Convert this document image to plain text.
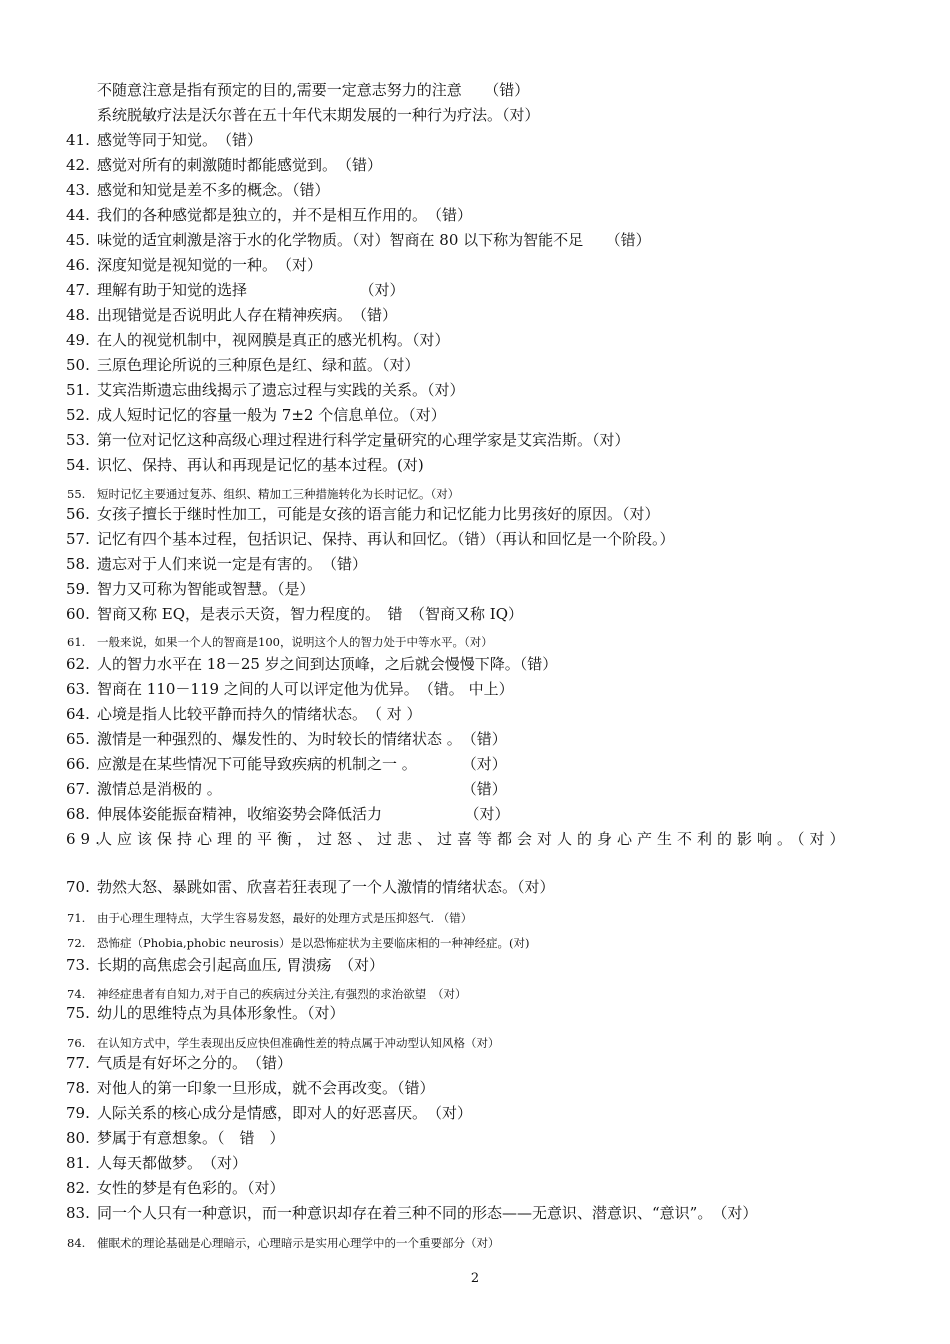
不随意注意是指有预定的目的,需要一定意志努力的注意　　（错）
系统脱敏疗法是沃尔普在五十年代末期发展的一种行为疗法。（对）
41. 感觉等同于知觉。　（错）
42. 感觉对所有的刺激随时都能感觉到。　（错）
43. 感觉和知觉是差不多的概念。（错）
44. 我们的各种感觉都是独立的，并不是相互作用的。　（错）
45. 味觉的适宜刺激是溶于水的化学物质。（对）智商在 80 以下称为智能不足　　（错）
46. 深度知觉是视知觉的一种。　（对）
47. 理解有助于知觉的选择　　　　　　　　（对）
48. 出现错觉是否说明此人存在精神疾病。　（错）
49. 在人的视觉机制中，视网膜是真正的感光机构。（对）
50. 三原色理论所说的三种原色是红、绿和蓝。（对）
51. 艾宾浩斯遗忘曲线揭示了遗忘过程与实践的关系。（对）
52. 成人短时记忆的容量一般为 7±2 个信息单位。（对）
53. 第一位对记忆这种高级心理过程进行科学定量研究的心理学家是艾宾浩斯。（对）
54. 识忆、保持、再认和再现是记忆的基本过程。(对)
55.	短时记忆主要通过复苏、组织、精加工三种措施转化为长时记忆。（对）
56. 女孩子擅长于继时性加工，可能是女孩的语言能力和记忆能力比男孩好的原因。（对）
57. 记忆有四个基本过程，包括识记、保持、再认和回忆。（错）（再认和回忆是一个阶段。）
58. 遗忘对于人们来说一定是有害的。　（错）
59. 智力又可称为智能或智慧。（是）
60. 智商又称 EQ，是表示天资，智力程度的。　错　（智商又称 IQ）
61.	一般来说，如果一个人的智商是100，说明这个人的智力处于中等水平。（对）
62. 人的智力水平在 18－25 岁之间到达顶峰，之后就会慢慢下降。（错）
63. 智商在 110－119 之间的人可以评定他为优异。　（错。 中上）
64. 心境是指人比较平静而持久的情绪状态。　（ 对 ）
65. 激情是一种强烈的、爆发性的、为时较长的情绪状态 。　（错）
66. 应激是在某些情况下可能导致疾病的机制之一 。　　　　（对）
67. 激情总是消极的 。　　　　　　　　　　　　　　　　　（错）
68. 伸展体姿能振奋精神，收缩姿势会降低活力　　　　　　（对）
69.
人应该保持心理的平衡，过怒、过悲、过喜等都会对人的身心产生不利的影响。（对）
70. 勃然大怒、暴跳如雷、欣喜若狂表现了一个人激情的情绪状态。（对）
71.	由于心理生理特点，大学生容易发怒，最好的处理方式是压抑怒气. （错）
72.	恐怖症（Phobia,phobic neurosis）是以恐怖症状为主要临床相的一种神经症。(对)
73. 长期的高焦虑会引起高血压, 胃溃疡　（对）
74.	神经症患者有自知力,对于自己的疾病过分关注,有强烈的求治欲望　（对）
75. 幼儿的思维特点为具体形象性。（对）
76.	在认知方式中，学生表现出反应快但准确性差的特点属于冲动型认知风格（对）
77. 气质是有好坏之分的。　（错）
78. 对他人的第一印象一旦形成，就不会再改变。（错）
79. 人际关系的核心成分是情感，即对人的好恶喜厌。　（对）
80. 梦属于有意想象。（　错　）
81. 人每天都做梦。　（对）
82. 女性的梦是有色彩的。（对）
83. 同一个人只有一种意识，而一种意识却存在着三种不同的形态——无意识、潜意识、“意识”。　（对）
84.	催眠术的理论基础是心理暗示，心理暗示是实用心理学中的一个重要部分（对）
2
